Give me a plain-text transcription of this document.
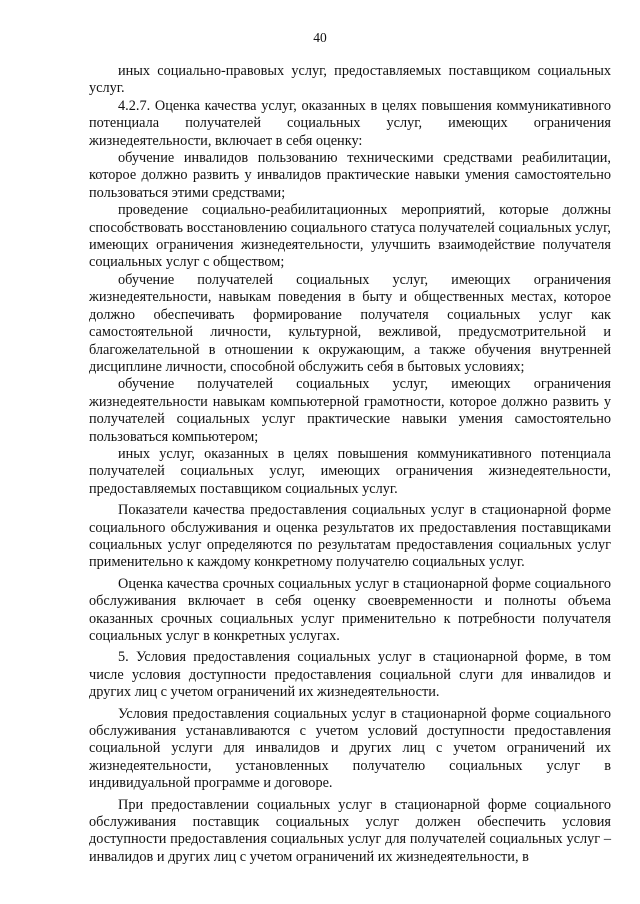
40

иных социально-правовых услуг, предоставляемых поставщиком социальных услуг.

4.2.7. Оценка качества услуг, оказанных в целях повышения коммуникативного потенциала получателей социальных услуг, имеющих ограничения жизнедеятельности, включает в себя оценку:

обучение инвалидов пользованию техническими средствами реабилитации, которое должно развить у инвалидов практические навыки умения самостоятельно пользоваться этими средствами;

проведение социально-реабилитационных мероприятий, которые должны способствовать восстановлению социального статуса получателей социальных услуг, имеющих ограничения жизнедеятельности, улучшить взаимодействие получателя социальных услуг с обществом;

обучение получателей социальных услуг, имеющих ограничения жизнедеятельности, навыкам поведения в быту и общественных местах, которое должно обеспечивать формирование получателя социальных услуг как самостоятельной личности, культурной, вежливой, предусмотрительной и благожелательной в отношении к окружающим, а также обучения внутренней дисциплине личности, способной обслужить себя в бытовых условиях;

обучение получателей социальных услуг, имеющих ограничения жизнедеятельности навыкам компьютерной грамотности, которое должно развить у получателей социальных услуг практические навыки умения самостоятельно пользоваться компьютером;

иных услуг, оказанных в целях повышения коммуникативного потенциала получателей социальных услуг, имеющих ограничения жизнедеятельности, предоставляемых поставщиком социальных услуг.

Показатели качества предоставления социальных услуг в стационарной форме социального обслуживания и оценка результатов их предоставления поставщиками социальных услуг определяются по результатам предоставления социальных услуг применительно к каждому конкретному получателю социальных услуг.

Оценка качества срочных социальных услуг в стационарной форме социального обслуживания включает в себя оценку своевременности и полноты объема оказанных срочных социальных услуг применительно к потребности получателя социальных услуг в конкретных услугах.

5. Условия предоставления социальных услуг в стационарной форме, в том числе условия доступности предоставления социальной слуги для инвалидов и других лиц с учетом ограничений их жизнедеятельности.

Условия предоставления социальных услуг в стационарной форме социального обслуживания устанавливаются с учетом условий доступности предоставления социальной услуги для инвалидов и других лиц с учетом ограничений их жизнедеятельности, установленных получателю социальных услуг в индивидуальной программе и договоре.

При предоставлении социальных услуг в стационарной форме социального обслуживания поставщик социальных услуг должен обеспечить условия доступности предоставления социальных услуг для получателей социальных услуг – инвалидов и других лиц с учетом ограничений их жизнедеятельности, в
